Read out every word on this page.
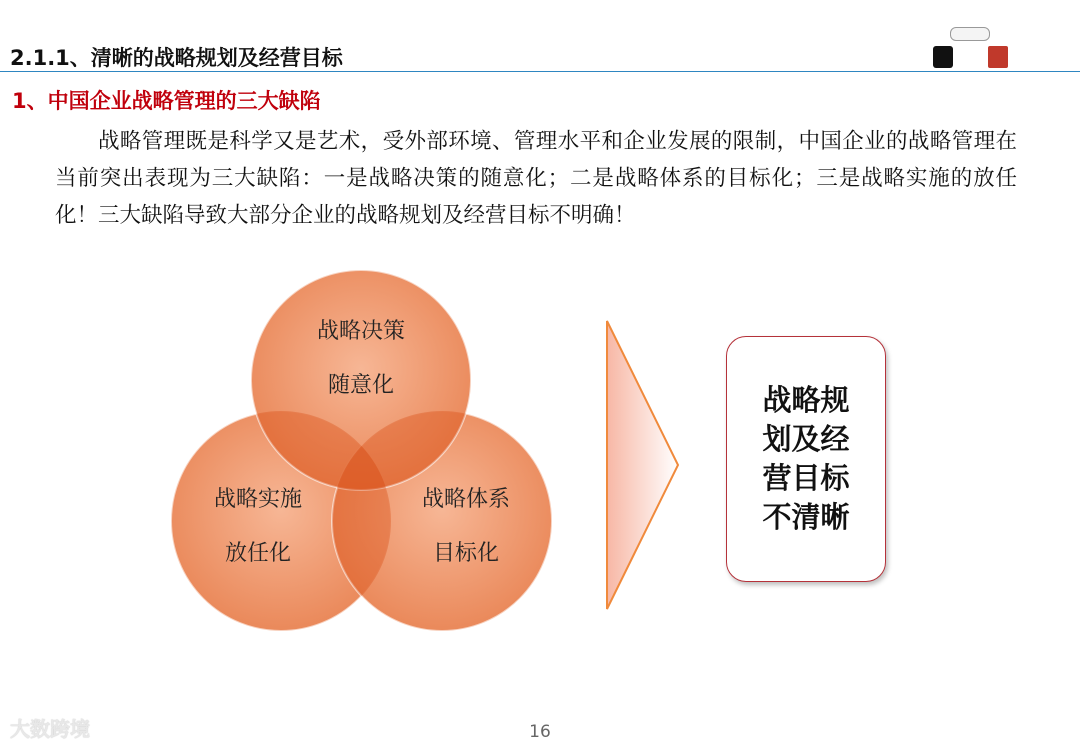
2.1.1、清晰的战略规划及经营目标
1、中国企业战略管理的三大缺陷
战略管理既是科学又是艺术，受外部环境、管理水平和企业发展的限制，中国企业的战略管理在当前突出表现为三大缺陷：一是战略决策的随意化；二是战略体系的目标化；三是战略实施的放任化！三大缺陷导致大部分企业的战略规划及经营目标不明确！
战略决策
随意化
战略实施
放任化
战略体系
目标化
战略规划及经营目标不清晰
大数跨境	16
